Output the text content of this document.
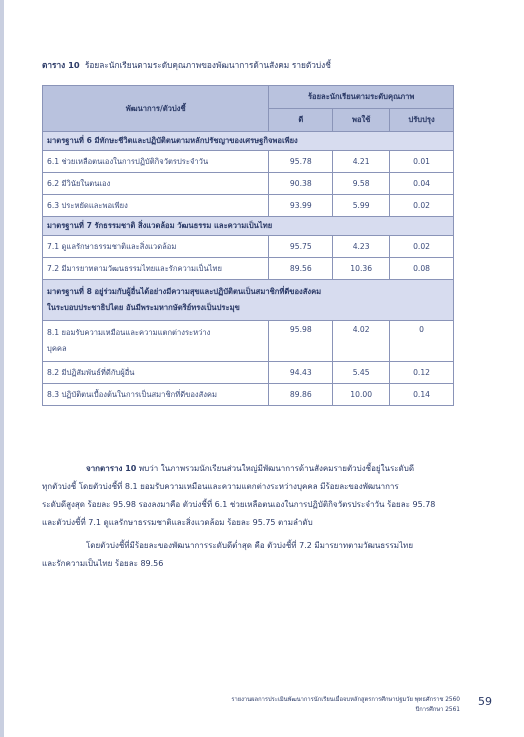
ตาราง 10 ร้อยละนักเรียนตามระดับคุณภาพของพัฒนาการด้านสังคม รายตัวบ่งชี้
พัฒนาการ/ตัวบ่งชี้	ร้อยละนักเรียนตามระดับคุณภาพ		
	ดี	พอใช้	ปรับปรุง
มาตรฐานที่ 6 มีทักษะชีวิตและปฏิบัติตนตามหลักปรัชญาของเศรษฐกิจพอเพียง			
6.1 ช่วยเหลือตนเองในการปฏิบัติกิจวัตรประจำวัน	95.78	4.21	0.01
6.2 มีวินัยในตนเอง	90.38	9.58	0.04
6.3 ประหยัดและพอเพียง	93.99	5.99	0.02
มาตรฐานที่ 7 รักธรรมชาติ สิ่งแวดล้อม วัฒนธรรม และความเป็นไทย			
7.1 ดูแลรักษาธรรมชาติและสิ่งแวดล้อม	95.75	4.23	0.02
7.2 มีมารยาทตามวัฒนธรรมไทยและรักความเป็นไทย	89.56	10.36	0.08

มาตรฐานที่ 8 อยู่ร่วมกับผู้อื่นได้อย่างมีความสุขและปฏิบัติตนเป็นสมาชิกที่ดีของสังคม
ในระบอบประชาธิปไตย อันมีพระมหากษัตริย์ทรงเป็นประมุข			

8.1 ยอมรับความเหมือนและความแตกต่างระหว่าง
บุคคล	95.98	4.02	0
8.2 มีปฏิสัมพันธ์ที่ดีกับผู้อื่น	94.43	5.45	0.12
8.3 ปฏิบัติตนเบื้องต้นในการเป็นสมาชิกที่ดีของสังคม	89.86	10.00	0.14
จากตาราง 10 พบว่า ในภาพรวมนักเรียนส่วนใหญ่มีพัฒนาการด้านสังคมรายตัวบ่งชี้อยู่ในระดับดี
ทุกตัวบ่งชี้ โดยตัวบ่งชี้ที่ 8.1 ยอมรับความเหมือนและความแตกต่างระหว่างบุคคล มีร้อยละของพัฒนาการ
ระดับดีสูงสุด ร้อยละ 95.98 รองลงมาคือ ตัวบ่งชี้ที่ 6.1 ช่วยเหลือตนเองในการปฏิบัติกิจวัตรประจำวัน ร้อยละ 95.78
และตัวบ่งชี้ที่ 7.1 ดูแลรักษาธรรมชาติและสิ่งแวดล้อม ร้อยละ 95.75 ตามลำดับ
โดยตัวบ่งชี้ที่มีร้อยละของพัฒนาการระดับดีต่ำสุด คือ ตัวบ่งชี้ที่ 7.2 มีมารยาทตามวัฒนธรรมไทย
และรักความเป็นไทย ร้อยละ 89.56
รายงานผลการประเมินพัฒนาการนักเรียนเมื่อจบหลักสูตรการศึกษาปฐมวัย พุทธศักราช 2560
ปีการศึกษา 2561
59
